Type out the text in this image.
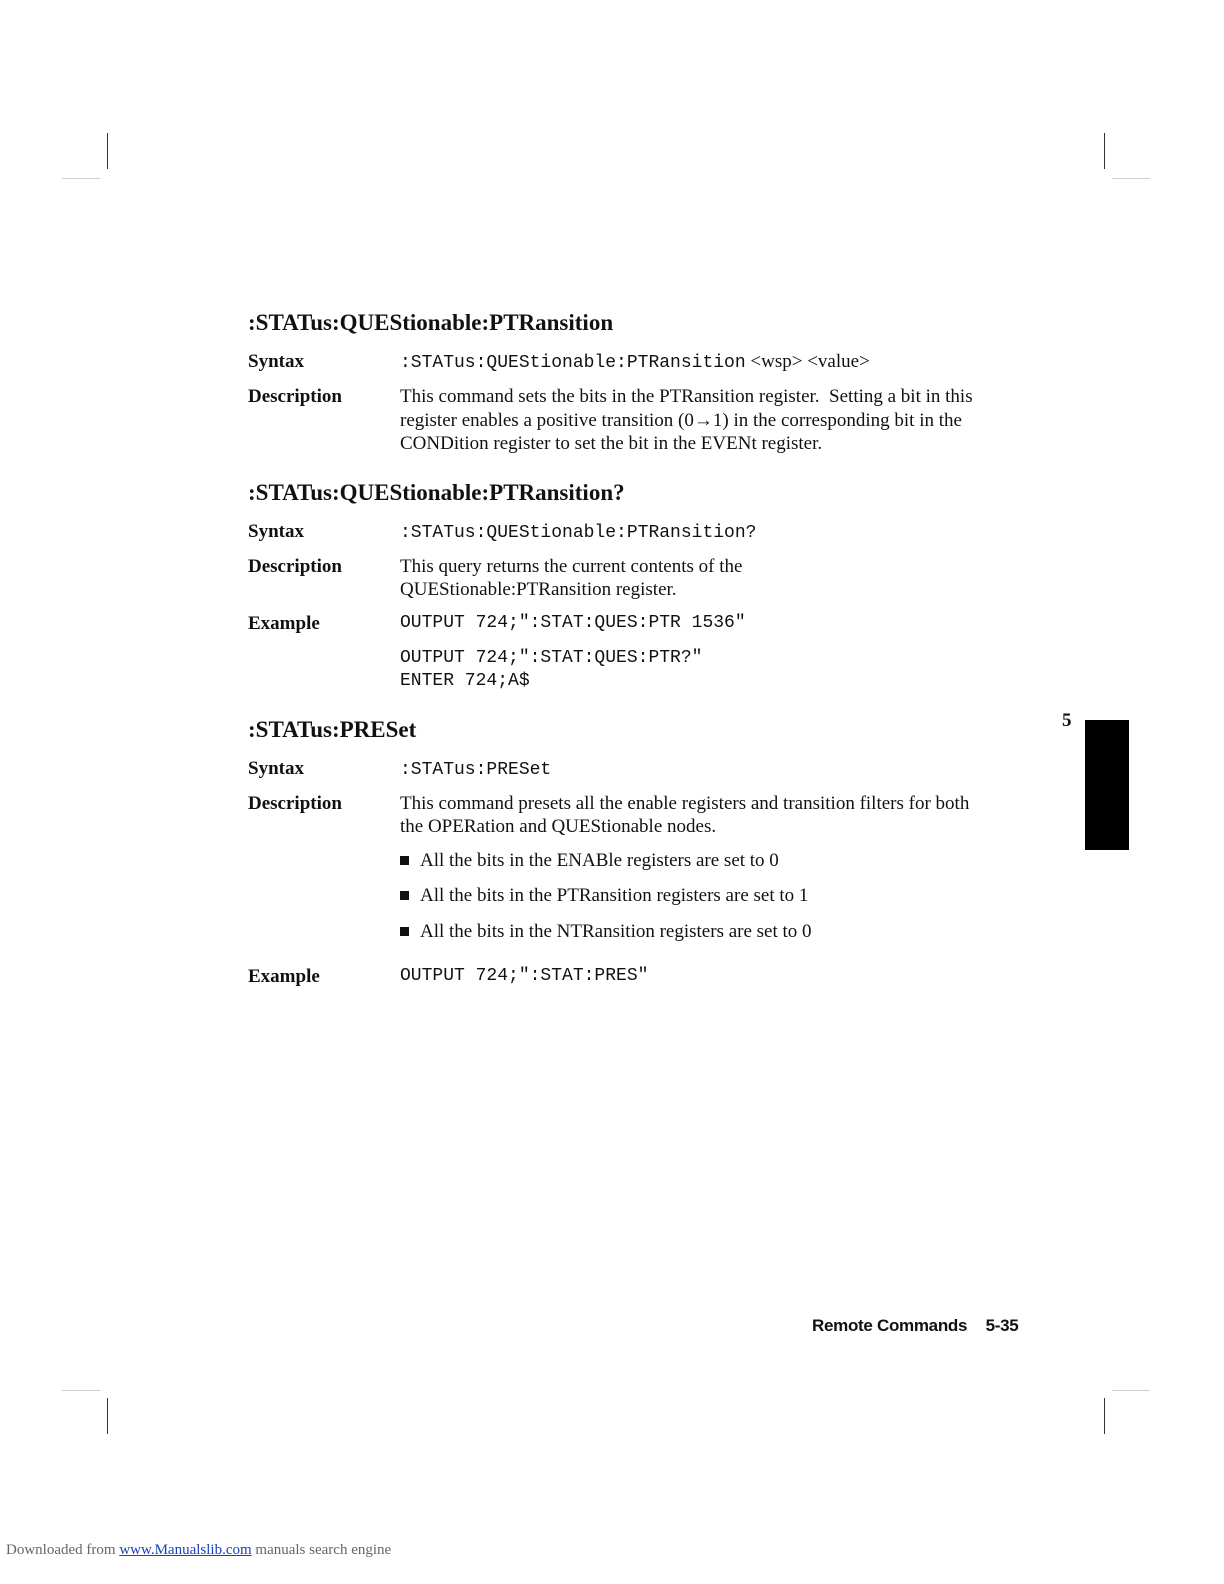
:STATus:QUEStionable:PTRansition
Syntax	:STATus:QUEStionable:PTRansition <wsp> <value>
Description	This command sets the bits in the PTRansition register.  Setting a bit in this register enables a positive transition (0→1) in the corresponding bit in the CONDition register to set the bit in the EVENt register.
:STATus:QUEStionable:PTRansition?
Syntax	:STATus:QUEStionable:PTRansition?
Description	This query returns the current contents of the QUEStionable:PTRansition register.
Example	OUTPUT 724;":STAT:QUES:PTR 1536"
OUTPUT 724;":STAT:QUES:PTR?"
ENTER 724;A$
:STATus:PRESet
Syntax	:STATus:PRESet
Description	This command presets all the enable registers and transition filters for both the OPERation and QUEStionable nodes.
All the bits in the ENABle registers are set to 0
All the bits in the PTRansition registers are set to 1
All the bits in the NTRansition registers are set to 0
Example	OUTPUT 724;":STAT:PRES"
5
Remote Commands 5-35
Downloaded from www.Manualslib.com manuals search engine
